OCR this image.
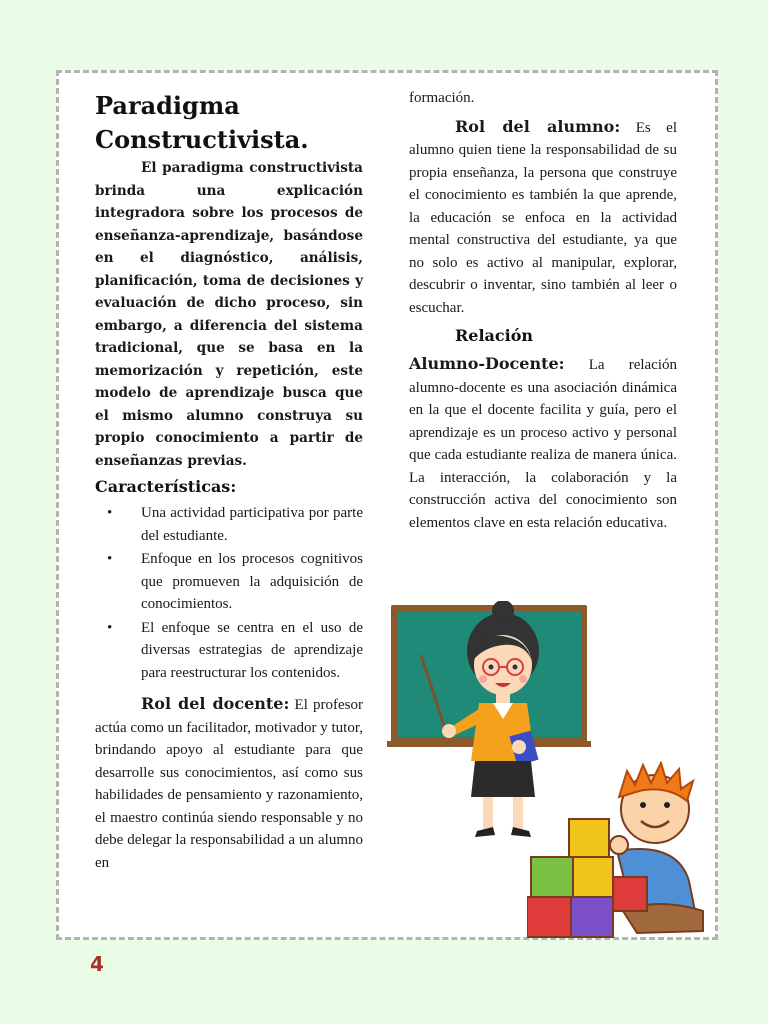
Paradigma
Constructivista.

El paradigma constructivista brinda una explicación integradora sobre los procesos de enseñanza-aprendizaje, basándose en el diagnóstico, análisis, planificación, toma de decisiones y evaluación de dicho proceso, sin embargo, a diferencia del sistema tradicional, que se basa en la memorización y repetición, este modelo de aprendizaje busca que el mismo alumno construya su propio conocimiento a partir de enseñanzas previas.

Características:
• Una actividad participativa por parte del estudiante.
• Enfoque en los procesos cognitivos que promueven la adquisición de conocimientos.
• El enfoque se centra en el uso de diversas estrategias de aprendizaje para reestructurar los contenidos.

Rol del docente: El profesor actúa como un facilitador, motivador y tutor, brindando apoyo al estudiante para que desarrolle sus conocimientos, así como sus habilidades de pensamiento y razonamiento, el maestro continúa siendo responsable y no debe delegar la responsabilidad a un alumno en

formación.

Rol del alumno: Es el alumno quien tiene la responsabilidad de su propia enseñanza, la persona que construye el conocimiento es también la que aprende, la educación se enfoca en la actividad mental constructiva del estudiante, ya que no solo es activo al manipular, explorar, descubrir o inventar, sino también al leer o escuchar.

Relación

Alumno-Docente: La relación alumno-docente es una asociación dinámica en la que el docente facilita y guía, pero el aprendizaje es un proceso activo y personal que cada estudiante realiza de manera única. La interacción, la colaboración y la construcción activa del conocimiento son elementos clave en esta relación educativa.

4
